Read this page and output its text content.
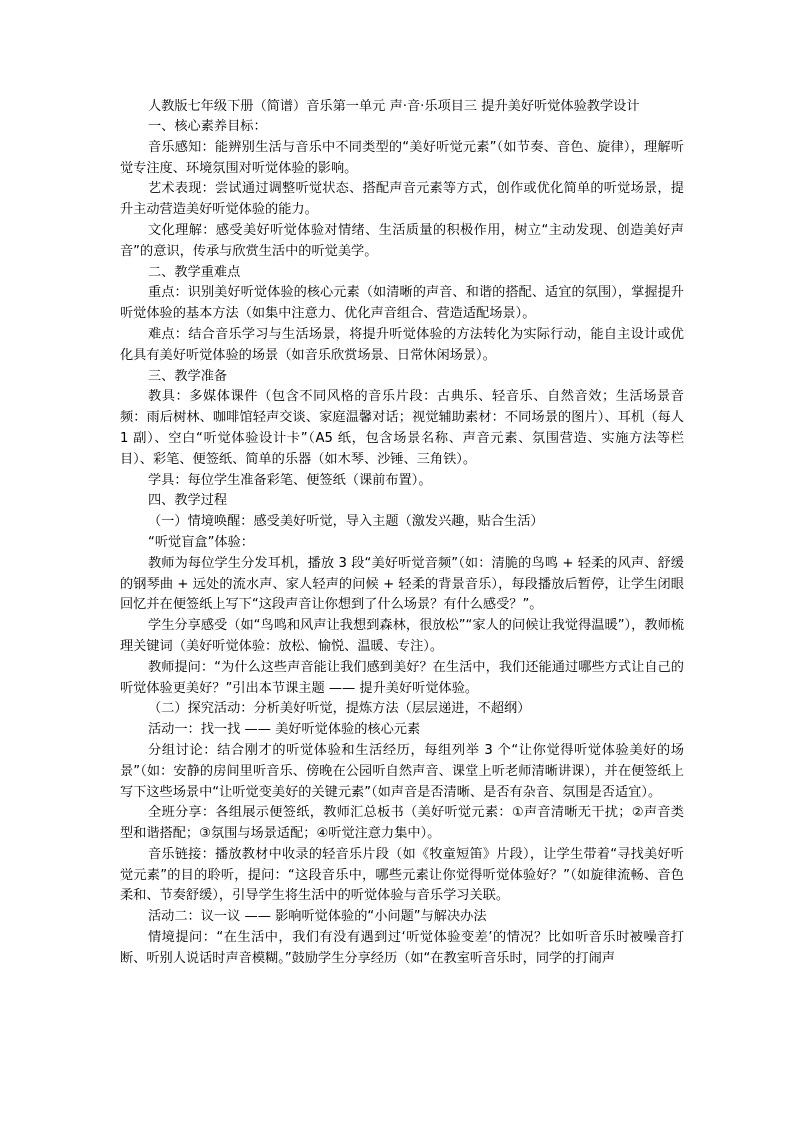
人教版七年级下册（简谱）音乐第一单元 声·音·乐项目三 提升美好听觉体验教学设计

一、核心素养目标：

音乐感知：能辨别生活与音乐中不同类型的“美好听觉元素”（如节奏、音色、旋律），理解听觉专注度、环境氛围对听觉体验的影响。

艺术表现：尝试通过调整听觉状态、搭配声音元素等方式，创作或优化简单的听觉场景，提升主动营造美好听觉体验的能力。

文化理解：感受美好听觉体验对情绪、生活质量的积极作用，树立“主动发现、创造美好声音”的意识，传承与欣赏生活中的听觉美学。

二、教学重难点

重点：识别美好听觉体验的核心元素（如清晰的声音、和谐的搭配、适宜的氛围），掌握提升听觉体验的基本方法（如集中注意力、优化声音组合、营造适配场景）。

难点：结合音乐学习与生活场景，将提升听觉体验的方法转化为实际行动，能自主设计或优化具有美好听觉体验的场景（如音乐欣赏场景、日常休闲场景）。

三、教学准备

教具：多媒体课件（包含不同风格的音乐片段：古典乐、轻音乐、自然音效；生活场景音频：雨后树林、咖啡馆轻声交谈、家庭温馨对话；视觉辅助素材：不同场景的图片）、耳机（每人 1 副）、空白“听觉体验设计卡”（A5 纸，包含场景名称、声音元素、氛围营造、实施方法等栏目）、彩笔、便签纸、简单的乐器（如木琴、沙锤、三角铁）。

学具：每位学生准备彩笔、便签纸（课前布置）。

四、教学过程

（一）情境唤醒：感受美好听觉，导入主题（激发兴趣，贴合生活）

“听觉盲盒”体验：

教师为每位学生分发耳机，播放 3 段“美好听觉音频”（如：清脆的鸟鸣 + 轻柔的风声、舒缓的钢琴曲 + 远处的流水声、家人轻声的问候 + 轻柔的背景音乐），每段播放后暂停，让学生闭眼回忆并在便签纸上写下“这段声音让你想到了什么场景？有什么感受？”。

学生分享感受（如“鸟鸣和风声让我想到森林，很放松”“家人的问候让我觉得温暖”），教师梳理关键词（美好听觉体验：放松、愉悦、温暖、专注）。

教师提问：“为什么这些声音能让我们感到美好？在生活中，我们还能通过哪些方式让自己的听觉体验更美好？”引出本节课主题 —— 提升美好听觉体验。

（二）探究活动：分析美好听觉，提炼方法（层层递进，不超纲）

活动一：找一找 —— 美好听觉体验的核心元素

分组讨论：结合刚才的听觉体验和生活经历，每组列举 3 个“让你觉得听觉体验美好的场景”（如：安静的房间里听音乐、傍晚在公园听自然声音、课堂上听老师清晰讲课），并在便签纸上写下这些场景中“让听觉变美好的关键元素”（如声音是否清晰、是否有杂音、氛围是否适宜）。

全班分享：各组展示便签纸，教师汇总板书（美好听觉元素：①声音清晰无干扰；②声音类型和谐搭配；③氛围与场景适配；④听觉注意力集中）。

音乐链接：播放教材中收录的轻音乐片段（如《牧童短笛》片段），让学生带着“寻找美好听觉元素”的目的聆听，提问：“这段音乐中，哪些元素让你觉得听觉体验好？”（如旋律流畅、音色柔和、节奏舒缓），引导学生将生活中的听觉体验与音乐学习关联。

活动二：议一议 —— 影响听觉体验的“小问题”与解决办法

情境提问：“在生活中，我们有没有遇到过‘听觉体验变差’的情况？比如听音乐时被噪音打断、听别人说话时声音模糊。”鼓励学生分享经历（如“在教室听音乐时，同学的打闹声
